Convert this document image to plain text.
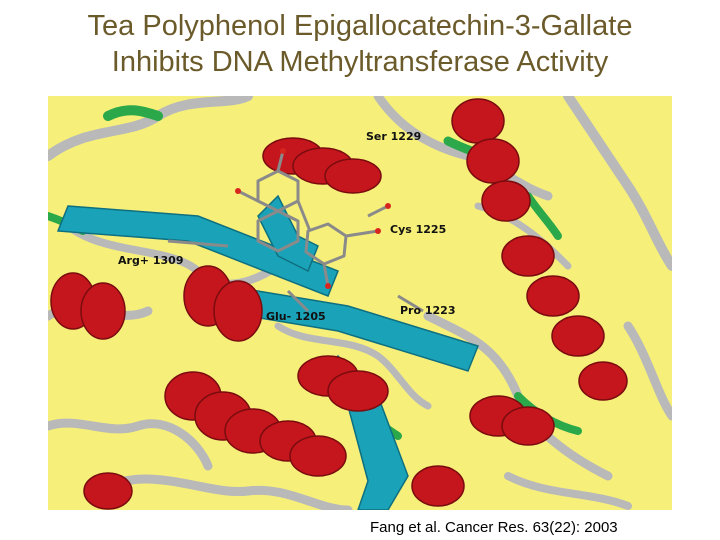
Tea Polyphenol Epigallocatechin-3-Gallate
Inhibits DNA Methyltransferase Activity
Ser 1229
Cys 1225
Arg+ 1309
Pro 1223
Glu- 1205
Fang et al. Cancer Res. 63(22): 2003
